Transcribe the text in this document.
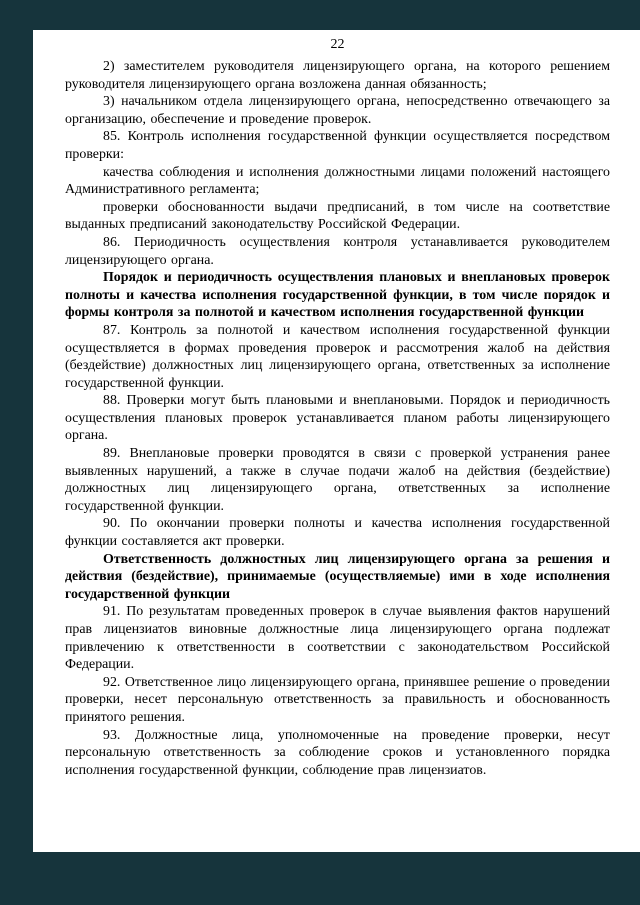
22

2) заместителем руководителя лицензирующего органа, на которого решением руководителя лицензирующего органа возложена данная обязанность;

3) начальником отдела лицензирующего органа, непосредственно отвечающего за организацию, обеспечение и проведение проверок.

85. Контроль исполнения государственной функции осуществляется посредством проверки:

качества соблюдения и исполнения должностными лицами положений настоящего Административного регламента;

проверки обоснованности выдачи предписаний, в том числе на соответствие выданных предписаний законодательству Российской Федерации.

86. Периодичность осуществления контроля устанавливается руководителем лицензирующего органа.

Порядок и периодичность осуществления плановых и внеплановых проверок полноты и качества исполнения государственной функции, в том числе порядок и формы контроля за полнотой и качеством исполнения государственной функции

87. Контроль за полнотой и качеством исполнения государственной функции осуществляется в формах проведения проверок и рассмотрения жалоб на действия (бездействие) должностных лиц лицензирующего органа, ответственных за исполнение государственной функции.

88. Проверки могут быть плановыми и внеплановыми. Порядок и периодичность осуществления плановых проверок устанавливается планом работы лицензирующего органа.

89. Внеплановые проверки проводятся в связи с проверкой устранения ранее выявленных нарушений, а также в случае подачи жалоб на действия (бездействие) должностных лиц лицензирующего органа, ответственных за исполнение государственной функции.

90. По окончании проверки полноты и качества исполнения государственной функции составляется акт проверки.

Ответственность должностных лиц лицензирующего органа за решения и действия (бездействие), принимаемые (осуществляемые) ими в ходе исполнения государственной функции

91. По результатам проведенных проверок в случае выявления фактов нарушений прав лицензиатов виновные должностные лица лицензирующего органа подлежат привлечению к ответственности в соответствии с законодательством Российской Федерации.

92. Ответственное лицо лицензирующего органа, принявшее решение о проведении проверки, несет персональную ответственность за правильность и обоснованность принятого решения.

93. Должностные лица, уполномоченные на проведение проверки, несут персональную ответственность за соблюдение сроков и установленного порядка исполнения государственной функции, соблюдение прав лицензиатов.
